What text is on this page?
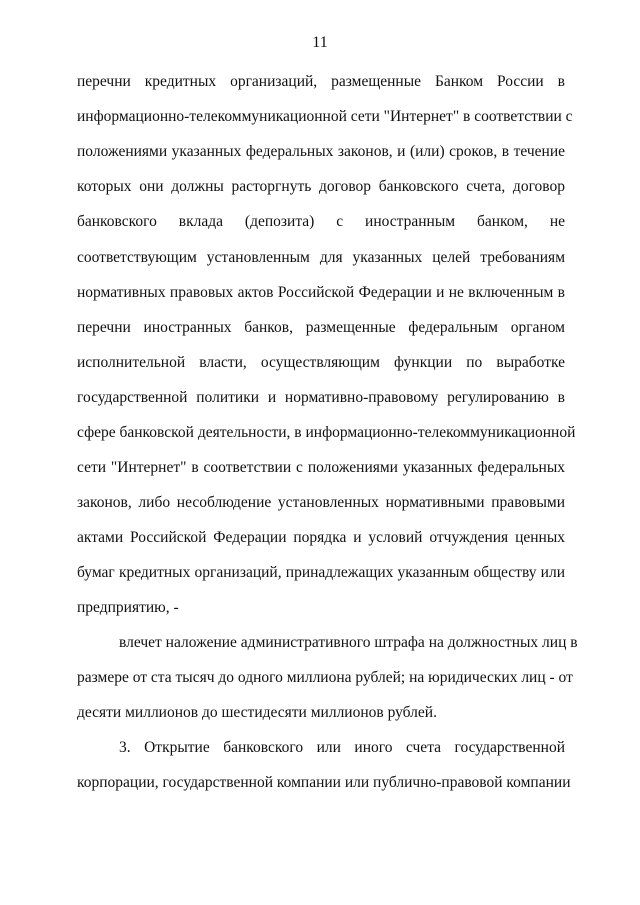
11
перечни кредитных организаций, размещенные Банком России в
информационно-телекоммуникационной сети "Интернет" в соответствии с
положениями указанных федеральных законов, и (или) сроков, в течение
которых они должны расторгнуть договор банковского счета, договор
банковского вклада (депозита) с иностранным банком, не
соответствующим установленным для указанных целей требованиям
нормативных правовых актов Российской Федерации и не включенным в
перечни иностранных банков, размещенные федеральным органом
исполнительной власти, осуществляющим функции по выработке
государственной политики и нормативно-правовому регулированию в
сфере банковской деятельности, в информационно-телекоммуникационной
сети "Интернет" в соответствии с положениями указанных федеральных
законов, либо несоблюдение установленных нормативными правовыми
актами Российской Федерации порядка и условий отчуждения ценных
бумаг кредитных организаций, принадлежащих указанным обществу или
предприятию, -
влечет наложение административного штрафа на должностных лиц в
размере от ста тысяч до одного миллиона рублей; на юридических лиц - от
десяти миллионов до шестидесяти миллионов рублей.
3. Открытие банковского или иного счета государственной
корпорации, государственной компании или публично-правовой компании
